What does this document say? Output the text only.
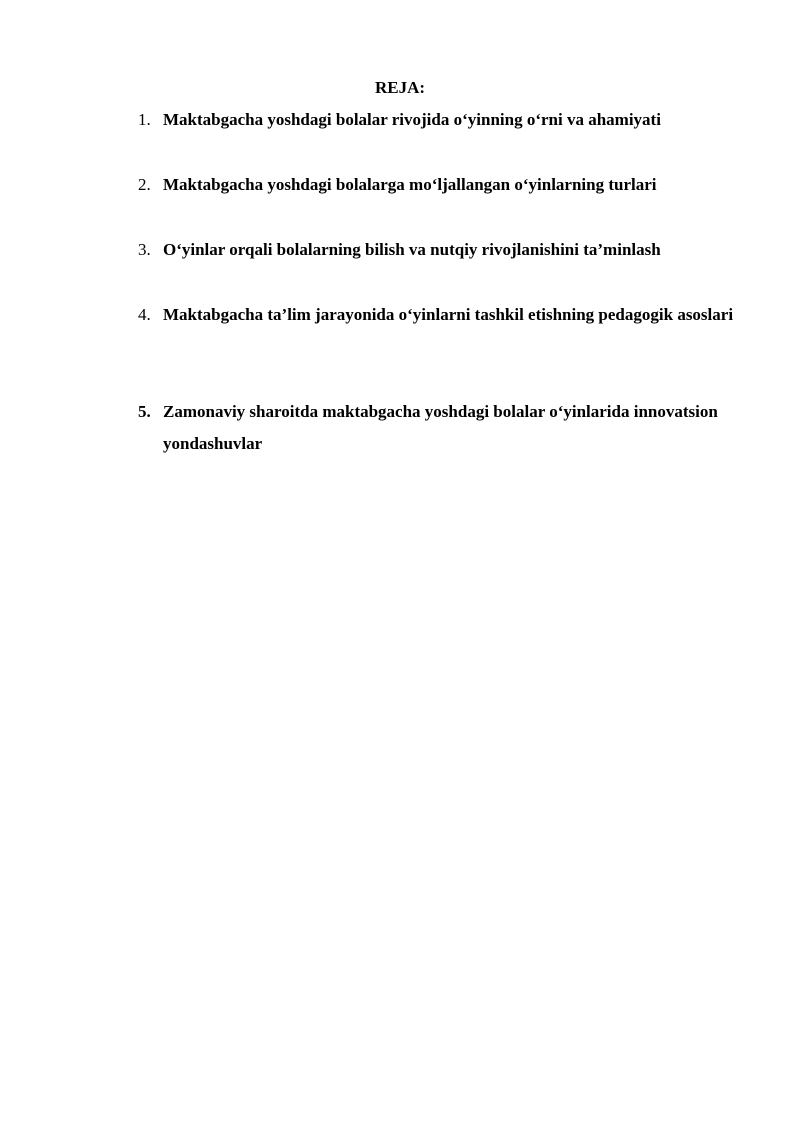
REJA:
1. Maktabgacha yoshdagi bolalar rivojida o‘yinning o‘rni va ahamiyati
2. Maktabgacha yoshdagi bolalarga mo‘ljallangan o‘yinlarning turlari
3. O‘yinlar orqali bolalarning bilish va nutqiy rivojlanishini ta’minlash
4. Maktabgacha ta’lim jarayonida o‘yinlarni tashkil etishning pedagogik asoslari
5. Zamonaviy sharoitda maktabgacha yoshdagi bolalar o‘yinlarida innovatsion yondashuvlar
